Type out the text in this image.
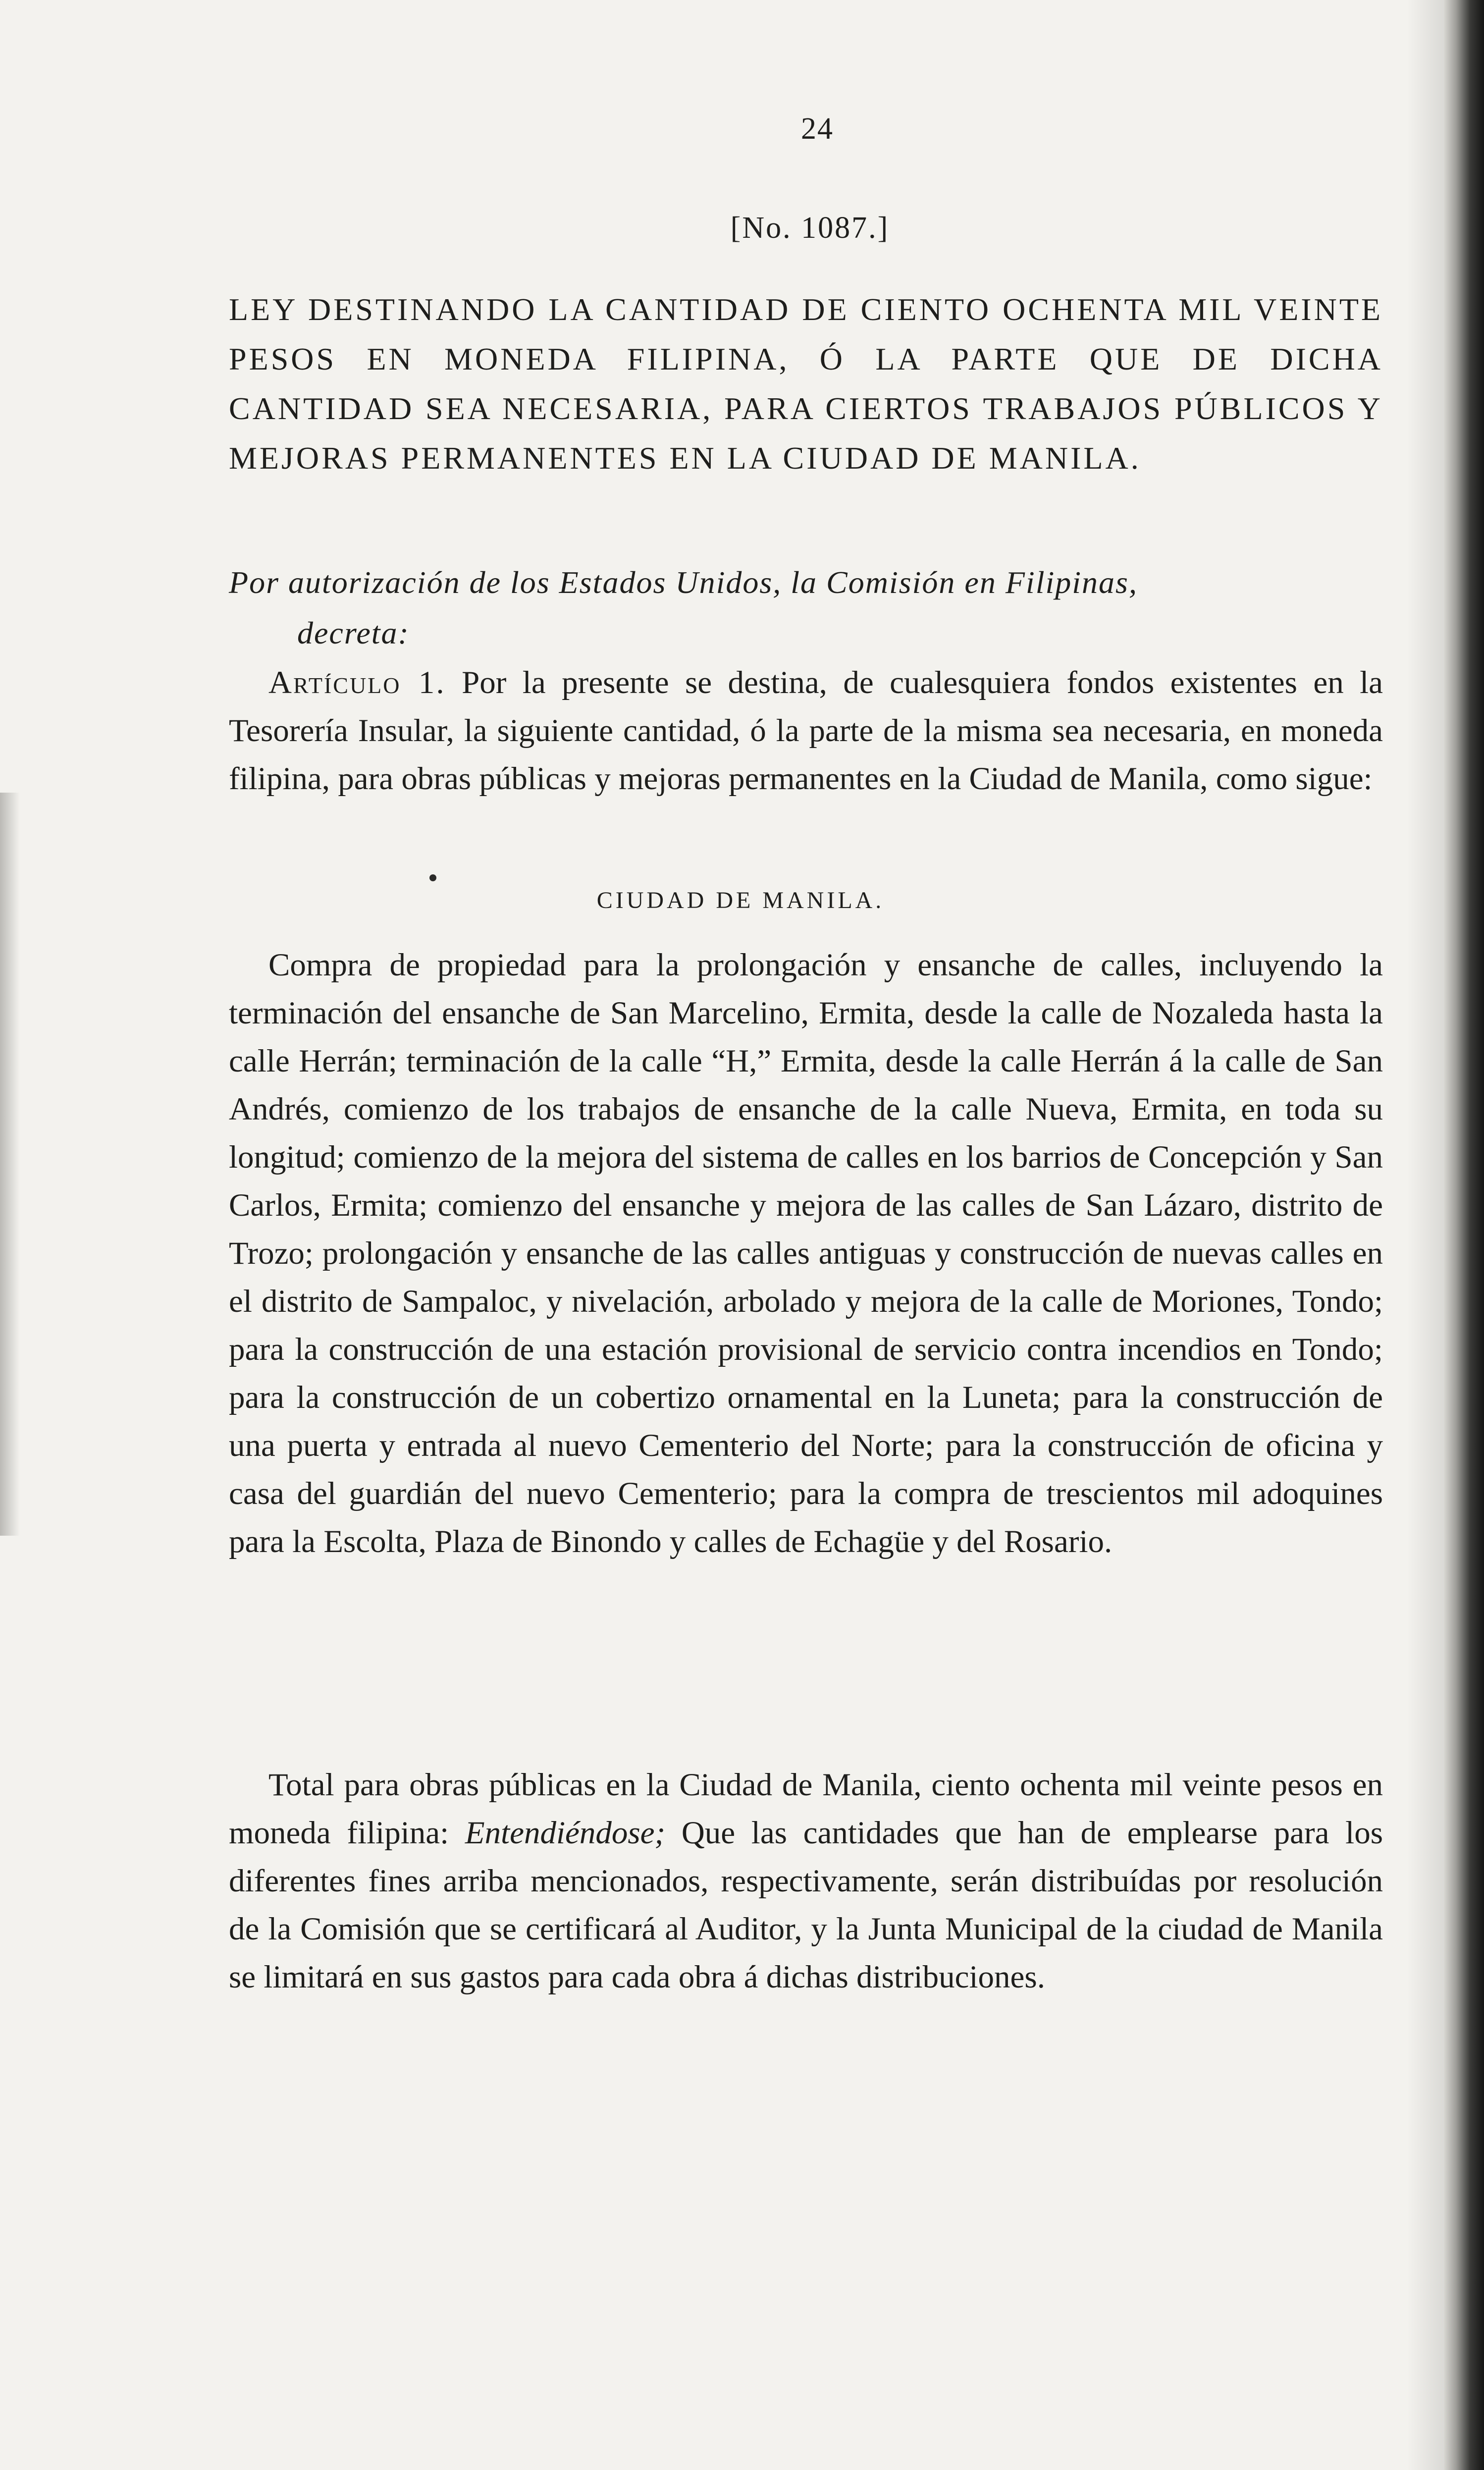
24
[No. 1087.]
LEY DESTINANDO LA CANTIDAD DE CIENTO OCHENTA MIL VEINTE PESOS EN MONEDA FILIPINA, Ó LA PARTE QUE DE DICHA CANTIDAD SEA NECESARIA, PARA CIERTOS TRABAJOS PÚBLICOS Y MEJORAS PERMANENTES EN LA CIUDAD DE MANILA.
Por autorización de los Estados Unidos, la Comisión en Filipinas,
decreta:
Artículo 1. Por la presente se destina, de cualesquiera fondos existentes en la Tesorería Insular, la siguiente cantidad, ó la parte de la misma sea necesaria, en moneda filipina, para obras públicas y mejoras permanentes en la Ciudad de Manila, como sigue:
CIUDAD DE MANILA.
Compra de propiedad para la prolongación y ensanche de calles, incluyendo la terminación del ensanche de San Marcelino, Ermita, desde la calle de Nozaleda hasta la calle Herrán; terminación de la calle “H,” Ermita, desde la calle Herrán á la calle de San Andrés, comienzo de los trabajos de ensanche de la calle Nueva, Ermita, en toda su longitud; comienzo de la mejora del sistema de calles en los barrios de Concepción y San Carlos, Ermita; comienzo del ensanche y mejora de las calles de San Lázaro, distrito de Trozo; prolongación y ensanche de las calles antiguas y construcción de nuevas calles en el distrito de Sampaloc, y nivelación, arbolado y mejora de la calle de Moriones, Tondo; para la construcción de una estación provisional de servicio contra incendios en Tondo; para la construcción de un cobertizo ornamental en la Luneta; para la construcción de una puerta y entrada al nuevo Cementerio del Norte; para la construcción de oficina y casa del guardián del nuevo Cementerio; para la compra de trescientos mil adoquines para la Escolta, Plaza de Binondo y calles de Echagüe y del Rosario.
Total para obras públicas en la Ciudad de Manila, ciento ochenta mil veinte pesos en moneda filipina: Entendiéndose; Que las cantidades que han de emplearse para los diferentes fines arriba mencionados, respectivamente, serán distribuídas por resolución de la Comisión que se certificará al Auditor, y la Junta Municipal de la ciudad de Manila se limitará en sus gastos para cada obra á dichas distribuciones.
